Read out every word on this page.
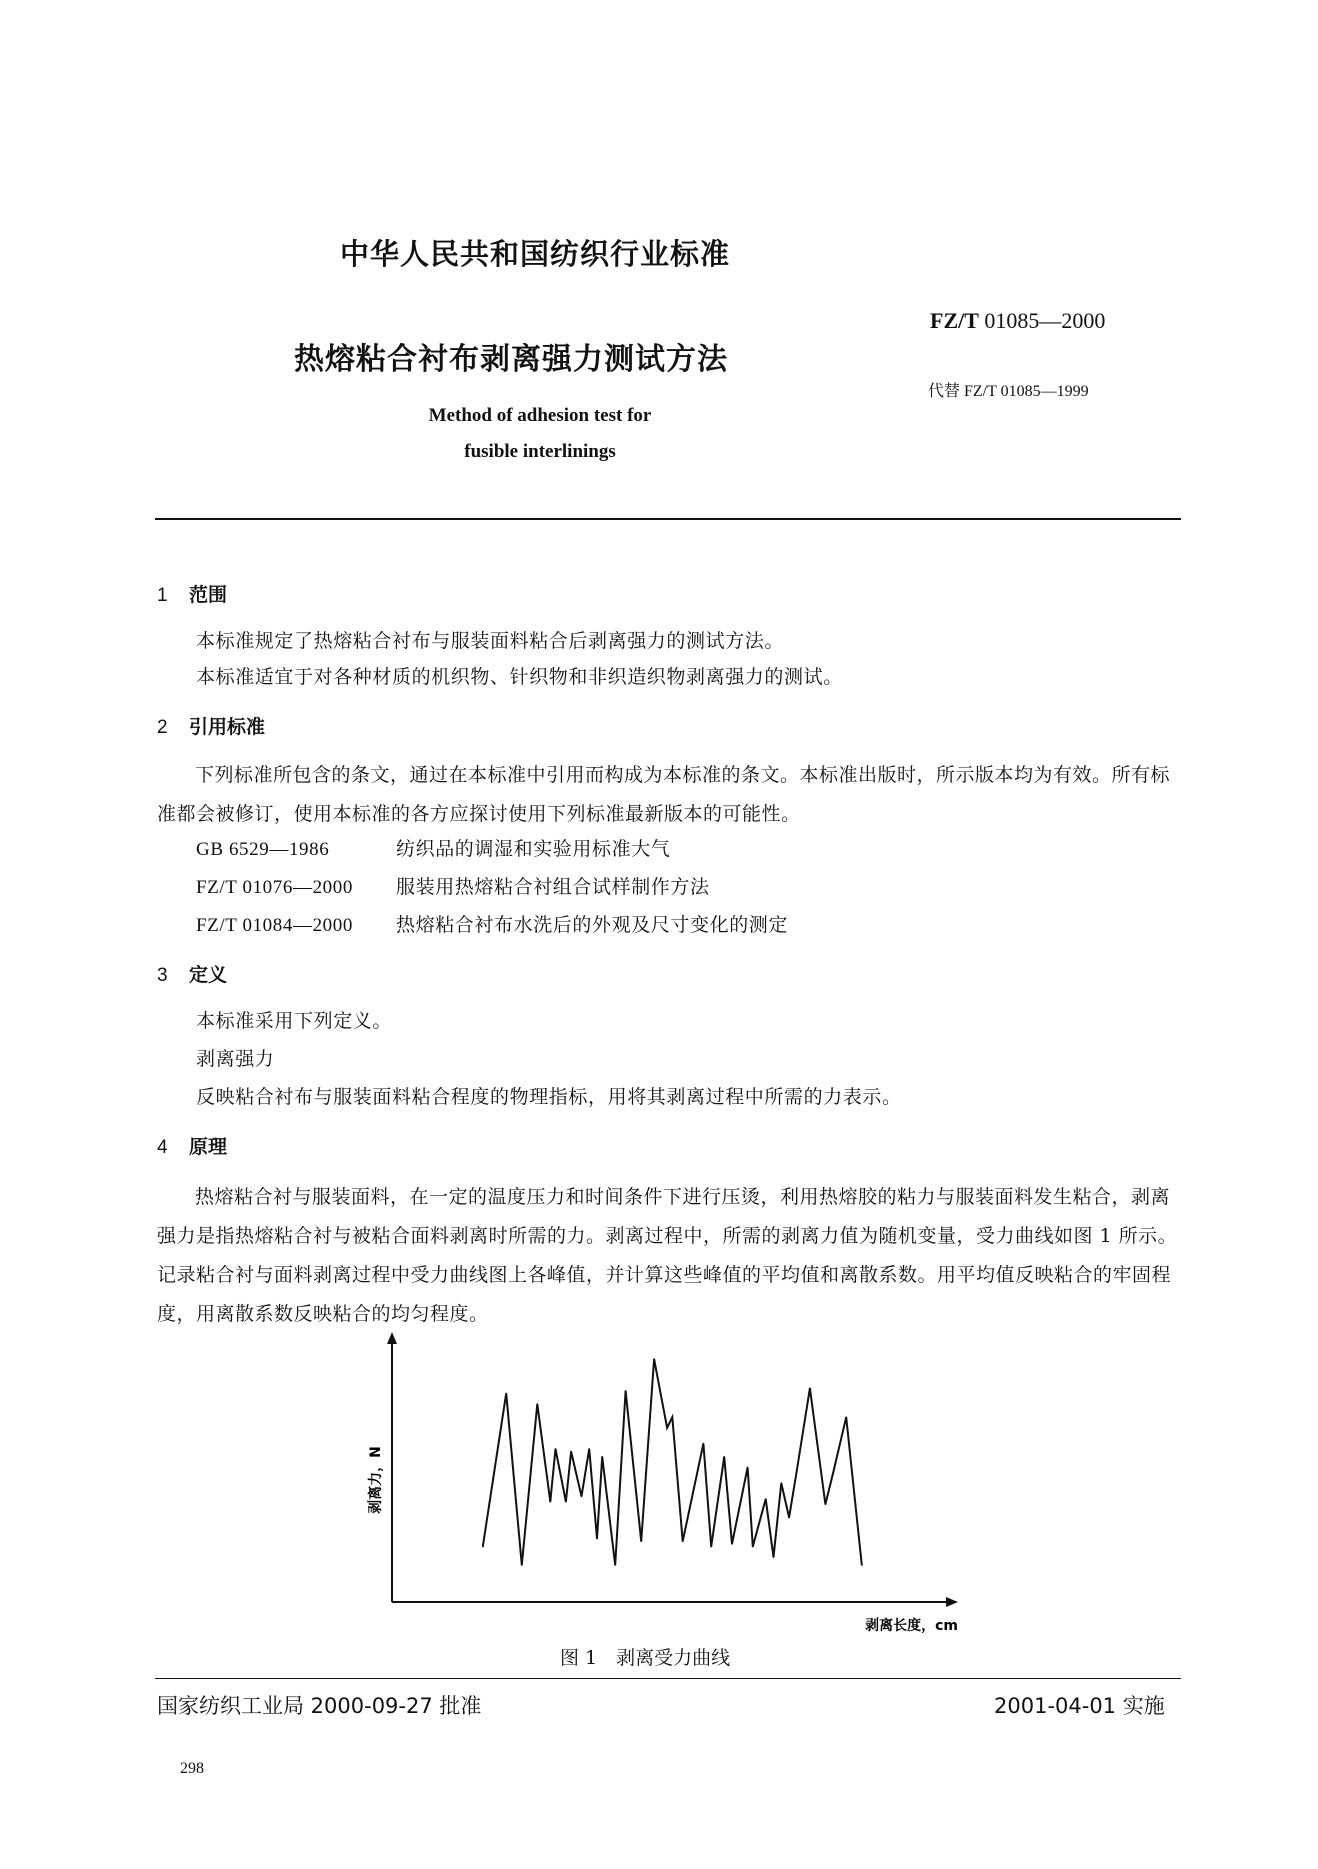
中华人民共和国纺织行业标准
FZ/T 01085—2000
热熔粘合衬布剥离强力测试方法
代替 FZ/T 01085—1999
Method of adhesion test for
fusible interlinings
1 范围
本标准规定了热熔粘合衬布与服装面料粘合后剥离强力的测试方法。
本标准适宜于对各种材质的机织物、针织物和非织造织物剥离强力的测试。
2 引用标准
下列标准所包含的条文，通过在本标准中引用而构成为本标准的条文。本标准出版时，所示版本均为有效。所有标准都会被修订，使用本标准的各方应探讨使用下列标准最新版本的可能性。
GB 6529—1986	纺织品的调湿和实验用标准大气
FZ/T 01076—2000 服装用热熔粘合衬组合试样制作方法
FZ/T 01084—2000 热熔粘合衬布水洗后的外观及尺寸变化的测定
3 定义
本标准采用下列定义。
剥离强力
反映粘合衬布与服装面料粘合程度的物理指标，用将其剥离过程中所需的力表示。
4 原理
热熔粘合衬与服装面料，在一定的温度压力和时间条件下进行压烫，利用热熔胶的粘力与服装面料发生粘合，剥离强力是指热熔粘合衬与被粘合面料剥离时所需的力。剥离过程中，所需的剥离力值为随机变量，受力曲线如图 1 所示。记录粘合衬与面料剥离过程中受力曲线图上各峰值，并计算这些峰值的平均值和离散系数。用平均值反映粘合的牢固程度，用离散系数反映粘合的均匀程度。
剥离力，N
剥离长度，cm
图 1　剥离受力曲线
国家纺织工业局 2000-09-27 批准	2001-04-01 实施
298
